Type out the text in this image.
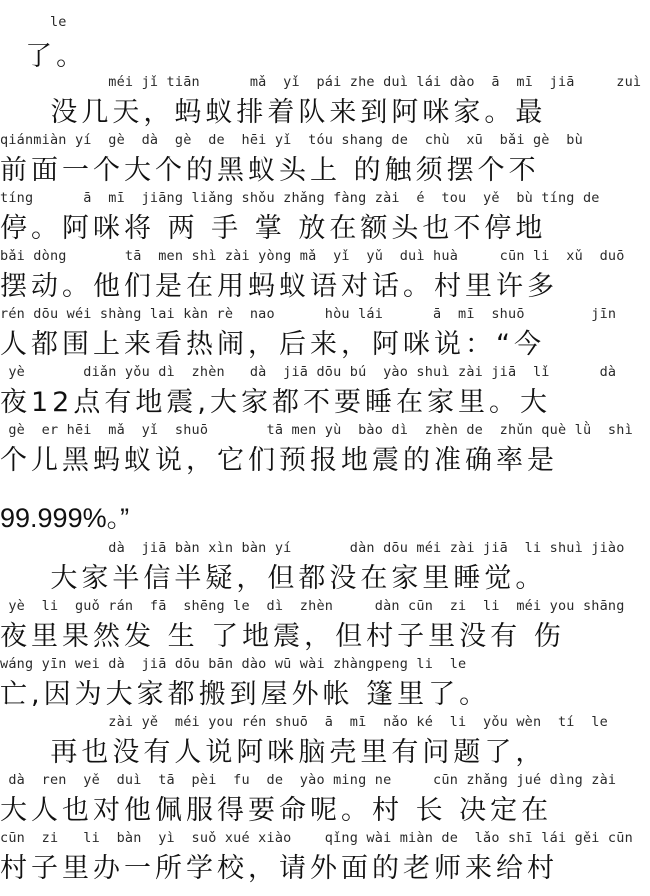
le
了。
méi jǐ tiān      mǎ  yǐ  pái zhe duì lái dào  ā  mī  jiā     zuì
没几天，蚂蚁排着队来到阿咪家。最
qiánmiàn yí  gè  dà  gè  de  hēi yǐ  tóu shang de  chù  xū  bǎi gè  bù
前面一个大个的黑蚁头上 的触须摆个不
tíng      ā  mī  jiāng liǎng shǒu zhǎng fàng zài  é  tou  yě  bù tíng de
停。阿咪将 两 手 掌 放在额头也不停地
bǎi dòng       tā  men shì zài yòng mǎ  yǐ  yǔ  duì huà     cūn li  xǔ  duō
摆动。他们是在用蚂蚁语对话。村里许多
rén dōu wéi shàng lai kàn rè  nao      hòu lái      ā  mī  shuō        jīn
人都围上来看热闹，后来，阿咪说：“今
yè       diǎn yǒu dì  zhèn   dà  jiā dōu bú  yào shuì zài jiā  lǐ      dà
夜12点有地震,大家都不要睡在家里。大
gè  er hēi  mǎ  yǐ  shuō       tā men yù  bào dì  zhèn de  zhǔn què lǜ  shì
个儿黑蚂蚁说，它们预报地震的准确率是
99.999%。”
dà  jiā bàn xìn bàn yí       dàn dōu méi zài jiā  li shuì jiào
大家半信半疑，但都没在家里睡觉。
yè  li  guǒ rán  fā  shēng le  dì  zhèn     dàn cūn  zi  li  méi you shāng
夜里果然发 生 了地震，但村子里没有 伤
wáng yīn wei dà  jiā dōu bān dào wū wài zhàngpeng li  le
亡,因为大家都搬到屋外帐 篷里了。
zài yě  méi you rén shuō  ā  mī  nǎo ké  li  yǒu wèn  tí  le
再也没有人说阿咪脑壳里有问题了，
dà  ren  yě  duì  tā  pèi  fu  de  yào ming ne     cūn zhǎng jué dìng zài
大人也对他佩服得要命呢。村 长 决定在
cūn  zi   li  bàn  yì  suǒ xué xiào    qǐng wài miàn de  lǎo shī lái gěi cūn
村子里办一所学校，请外面的老师来给村
